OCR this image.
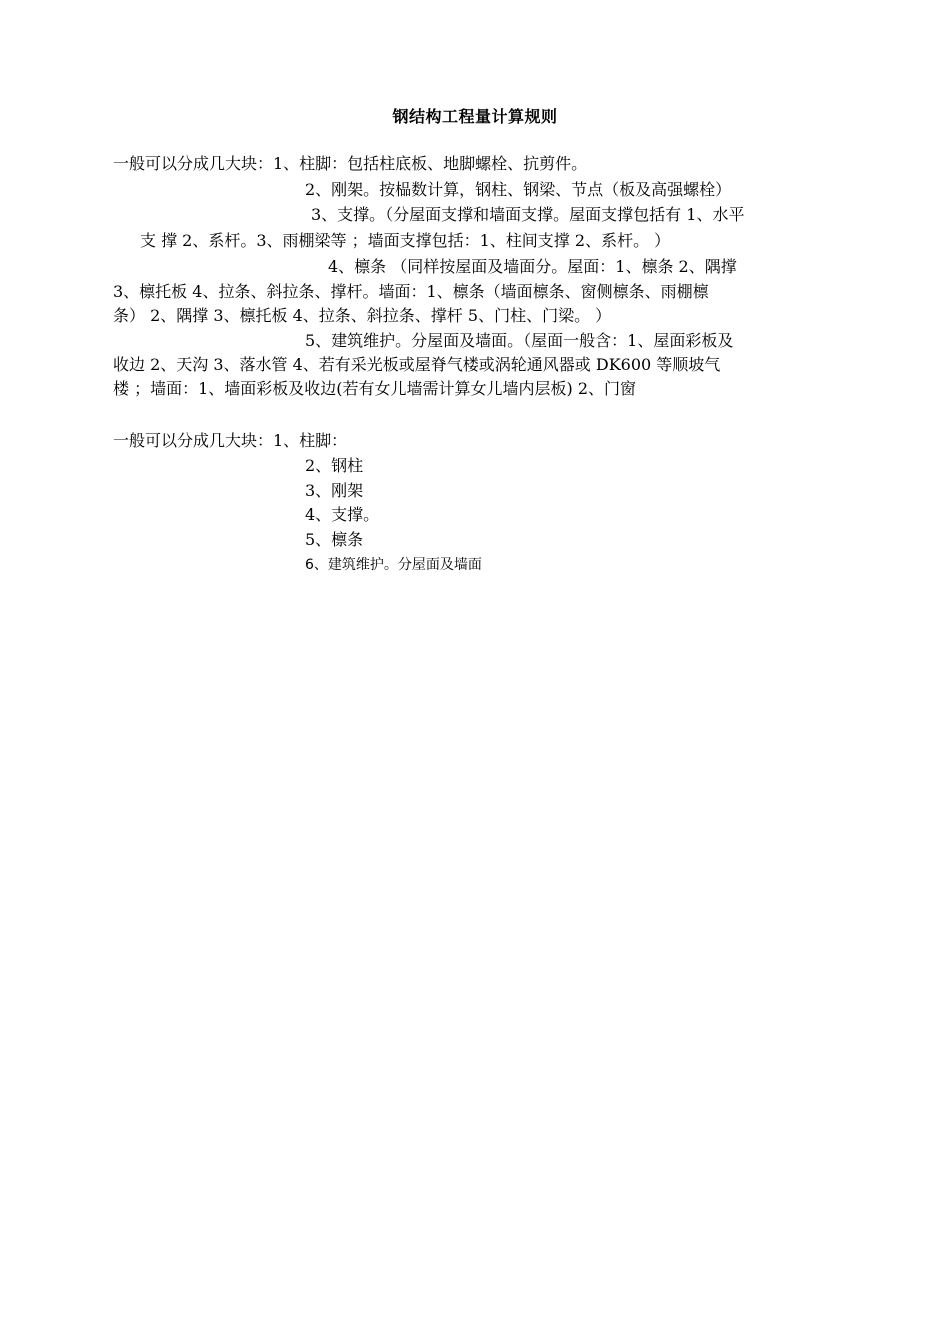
钢结构工程量计算规则
一般可以分成几大块：1、柱脚：包括柱底板、地脚螺栓、抗剪件。
2、刚架。按榀数计算，钢柱、钢梁、节点（板及高强螺栓）
3、支撑。（分屋面支撑和墙面支撑。屋面支撑包括有 1、水平
支 撑 2、系杆。3、雨棚梁等 ；墙面支撑包括：1、柱间支撑 2、系杆。 ）
4、檩条 （同样按屋面及墙面分。屋面：1、檩条 2、隅撑
3、檩托板 4、拉条、斜拉条、撑杆。墙面：1、檩条（墙面檩条、窗侧檩条、雨棚檩
条） 2、隅撑 3、檩托板 4、拉条、斜拉条、撑杆 5、门柱、门梁。 ）
5、建筑维护。分屋面及墙面。（屋面一般含：1、屋面彩板及
收边 2、天沟 3、落水管 4、若有采光板或屋脊气楼或涡轮通风器或 DK600 等顺坡气
楼 ；墙面：1、墙面彩板及收边(若有女儿墙需计算女儿墙内层板) 2、门窗
一般可以分成几大块：1、柱脚：
2、钢柱
3、刚架
4、支撑。
5、檩条
6、建筑维护。分屋面及墙面
